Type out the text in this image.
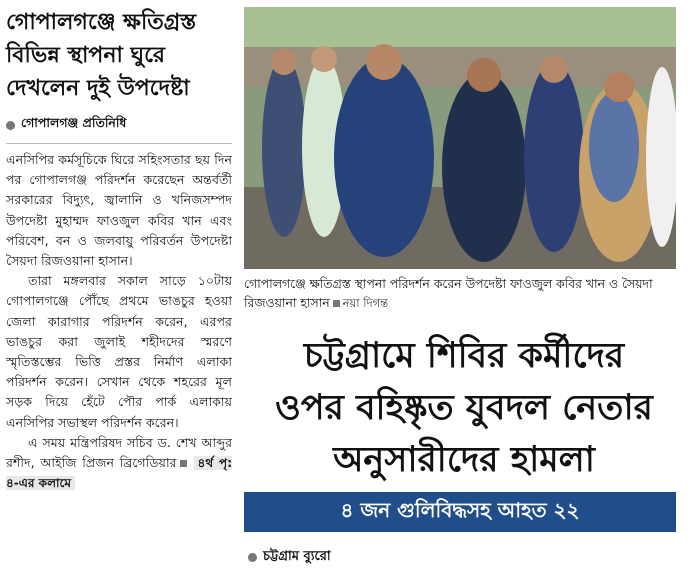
গোপালগঞ্জে ক্ষতিগ্রস্ত
বিভিন্ন স্থাপনা ঘুরে
দেখলেন দুই উপদেষ্টা

গোপালগঞ্জ প্রতিনিধি

এনসিপির কর্মসূচিকে ঘিরে সহিংসতার ছয় দিন পর গোপালগঞ্জ পরিদর্শন করেছেন অন্তর্বর্তী সরকারের বিদ্যুৎ, জ্বালানি ও খনিজসম্পদ উপদেষ্টা মুহাম্মদ ফাওজুল কবির খান এবং পরিবেশ, বন ও জলবায়ু পরিবর্তন উপদেষ্টা সৈয়দা রিজওয়ানা হাসান।

তারা মঙ্গলবার সকাল সাড়ে ১০টায় গোপালগঞ্জে পৌঁছে প্রথমে ভাঙচুর হওয়া জেলা কারাগার পরিদর্শন করেন, এরপর ভাঙচুর করা জুলাই শহীদদের স্মরণে স্মৃতিস্তম্ভের ভিত্তি প্রস্তর নির্মাণ এলাকা পরিদর্শন করেন। সেখান থেকে শহরের মূল সড়ক দিয়ে হেঁটে পৌর পার্ক এলাকায় এনসিপির সভাস্থল পরিদর্শন করেন।

এ সময় মন্ত্রিপরিষদ সচিব ড. শেখ আব্দুর রশীদ, আইজি প্রিজন ব্রিগেডিয়ার ৪র্থ পৃ: ৪-এর কলামে

গোপালগঞ্জে ক্ষতিগ্রস্ত স্থাপনা পরিদর্শন করেন উপদেষ্টা ফাওজুল কবির খান ও সৈয়দা রিজওয়ানা হাসান নয়া দিগন্ত

চট্টগ্রামে শিবির কর্মীদের
ওপর বহিষ্কৃত যুবদল নেতার
অনুসারীদের হামলা

৪ জন গুলিবিদ্ধসহ আহত ২২
চট্টগ্রাম ব্যুরো
